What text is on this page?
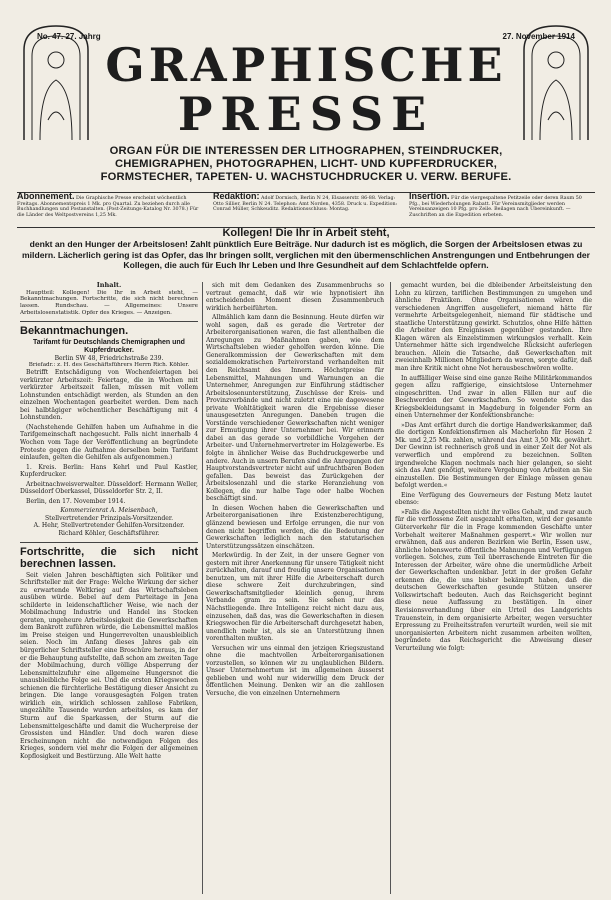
No. 47. 27. Jahrg	27. November 1914
GRAPHISCHE
PRESSE
ORGAN FÜR DIE INTERESSEN DER LITHOGRAPHEN, STEINDRUCKER,
CHEMIGRAPHEN, PHOTOGRAPHEN, LICHT- UND KUPFERDRUCKER,
FORMSTECHER, TAPETEN- U. WACHSTUCHDRUCKER U. VERW. BERUFE.
Abonnement. Die Graphische Presse erscheint wöchentlich Freitags. Abonnementspreis 1 Mk. pro Quartal. Zu beziehen durch alle Buchhandlungen und Postanstalten. (Post-Zeitungs-Katalog Nr. 3078.) Für die Länder des Weltpostvereins 1,25 Mk.
Redaktion: Adolf Dornisch, Berlin N 24, Elsasserstr. 86-88. Verlag: Otto Sillier, Berlin N 24. Telephon: Amt Norden, 4358. Druck u. Expedition: Conrad Müller, Schkeuditz. Redaktionsschluss: Montag.
Insertion. Für die viergespaltene Petitzeile oder deren Raum 50 Pfg., bei Wiederholungen Rabatt. Für Vereinsmitglieder werden Vereinsanzeigen 10 Pfg. pro Zeile. Beilagen nach Übereinkunft. — Zuschriften an die Expedition erbeten.
Kollegen! Die Ihr in Arbeit steht,
denkt an den Hunger der Arbeitslosen! Zahlt pünktlich Eure Beiträge. Nur dadurch ist es möglich, die Sorgen der Arbeitslosen etwas zu mildern. Lächerlich gering ist das Opfer, das Ihr bringen sollt, verglichen mit den übermenschlichen Anstrengungen und Entbehrungen der Kollegen, die auch für Euch Ihr Leben und Ihre Gesundheit auf dem Schlachtfelde opfern.
Inhalt.

Hauptteil: Kollegen! Die Ihr in Arbeit steht, — Bekanntmachungen. Fortschritte, die sich nicht berechnen lassen. Rundschau. — Allgemeines: Unsere Arbeitslosenstatistik. Opfer des Krieges. — Anzeigen.

Bekanntmachungen.
Tarifamt für Deutschlands Chemigraphen und Kupferdrucker.
Berlin SW 48, Friedrichstraße 239.
Briefadr.: z. H. des Geschäftsführers Herrn Rich. Köhler.

Betrifft Entschädigung von Wochenfeiertagen bei verkürzter Arbeitszeit: Feiertage, die in Wochen mit verkürzter Arbeitszeit fallen, müssen mit vollem Lohnstunden entschädigt werden, als Stunden an den einzelnen Wochentagen gearbeitet werden. Dem nach bei halbtägiger wöchentlicher Beschäftigung mit 4 Lohnstunden.

(Nachstehende Gehilfen haben um Aufnahme in die Tarifgemeinschaft nachgesucht. Falls nicht innerhalb 4 Wochen vom Tage der Veröffentlichung an begründete Proteste gegen die Aufnahme derselben beim Tarifamt einlaufen, gelten die Gehilfen als aufgenommen.)

1. Kreis. Berlin: Hans Kehrl und Paul Kastler, Kupferdrucker.

Arbeitnachweisverwalter. Düsseldorf: Hermann Weller, Düsseldorf Oberkassel, Düsseldorfer Str. 2, II.

Berlin, den 17. November 1914.

Kommerzienrat A. Meisenbach,
Stellvertretender Prinzipals-Vorsitzender.
A. Hehr, Stellvertretender Gehilfen-Vorsitzender.
Richard Köhler, Geschäftsführer.
Fortschritte, die sich nicht berechnen lassen.

Seit vielen Jahren beschäftigten sich Politiker und Schriftsteller mit der Frage: Welche Wirkung der sicher zu erwartende Weltkrieg auf das Wirtschaftsleben ausüben würde. Bebel auf dem Parteitage in Jena schilderte in leidenschaftlicher Weise, wie nach der Mobilmachung Industrie und Handel ins Stocken geraten, ungeheure Arbeitslosigkeit die Gewerkschaften dem Bankrott zuführen würde, die Lebensmittel maßlos im Preise steigen und Hungerrevolten unausbleiblich seien. Noch im Anfang dieses Jahres gab ein bürgerlicher Schriftsteller eine Broschüre heraus, in der er die Behauptung aufstellte, daß schon am zweiten Tage der Mobilmachung, durch völlige Absperrung der Lebensmittelzufuhr eine allgemeine Hungersnot die unausbleibliche Folge sei. Und die ersten Kriegswochen schienen die fürchterliche Bestätigung dieser Ansicht zu bringen. Die lange vorausgesagten Folgen traten wirklich ein, wirklich schlossen zahllose Fabriken, ungezählte Tausende wurden arbeitslos, es kam der Sturm auf die Sparkassen, der Sturm auf die Lebensmittelgeschäfte und damit die Wucherpreise der Grossisten und Händler. Und doch waren diese Erscheinungen nicht die notwendigen Folgen des Krieges, sondern viel mehr die Folgen der allgemeinen Kopflosigkeit und Bestürzung. Alle Welt hatte

sich mit dem Gedanken des Zusammenbruchs so vertraut gemacht, daß wir wie hypnotisiert ihn entscheidenden Moment diesen Zusammenbruch wirklich herbeiführten.

Allmählich kam dann die Besinnung. Heute dürfen wir wohl sagen, daß es gerade die Vertreter der Arbeiterorganisationen waren, die fast allenthalben die Anregungen zu Maßnahmen gaben, wie dem Wirtschaftsleben wieder geholfen werden könne. Die Generalkommission der Gewerkschaften mit dem sozialdemokratischen Parteivorstand verhandelten mit den Reichsamt des Innern. Höchstpreise für Lebensmittel, Mahnungen und Warnungen an die Unternehmer, Anregungen zur Einführung städtischer Arbeitslosenunterstützung, Zuschüsse der Kreis- und Provinzverbände und nicht zuletzt eine nie dagewesene private Wohltätigkeit waren die Ergebnisse dieser unausgesetzten Anregungen. Daneben trugen die Vorstände verschiedener Gewerkschaften nicht weniger zur Ermutigung ihrer Unternehmer bei. Wir erinnern dabei an das gerade so vorbildliche Vorgehen der Arbeiter- und Unternehmervertreter im Holzgewerbe. Es folgte in ähnlicher Weise das Buchdruckgewerbe und andere. Auch in unsern Berufen sind die Anregungen der Hauptvorstandsvertreter nicht auf unfruchtbaren Boden gefallen. Das beweist das Zurückgehen der Arbeitslosenzahl und die starke Heranziehung von Kollegen, die nur halbe Tage oder halbe Wochen beschäftigt sind.

In diesen Wochen haben die Gewerkschaften und Arbeiterorganisationen ihre Existenzberechtigung, glänzend bewiesen und Erfolge errungen, die nur von denen nicht begriffen werden, die die Bedeutung der Gewerkschaften lediglich nach den statutarischen Unterstützungssätzen einschätzen.

Merkwürdig. In der Zeit, in der unsere Gegner von gestern mit ihrer Anerkennung für unsere Tätigkeit nicht zurückhalten, darauf und freudig unsere Organisationen benutzen, um mit ihrer Hilfe die Arbeiterschaft durch diese schwere Zeit durchzubringen, sind Gewerkschaftsmitglieder kleinlich genug, ihrem Verbande gram zu sein. Sie sehen nur das Nächstliegende. Ihre Intelligenz reicht nicht dazu aus, einzusehen, daß das, was die Gewerkschaften in diesen Kriegswochen für die Arbeiterschaft durchgesetzt haben, unendlich mehr ist, als sie an Unterstützung ihnen vorenthalten mußten.

Versuchen wir uns einmal den jetzigen Kriegszustand ohne die machtvollen Arbeiterorganisationen vorzustellen, so können wir zu unglaublichen Bildern. Unser Unternehmertum ist im allgemeinen äusserst geblieben und wohl nur widerwillig dem Druck der öffentlichen Meinung. Denken wir an die zahllosen Versuche, die von einzelnen Unternehmern

gemacht wurden, bei die dbleibender Arbeitsleistung den Lohn zu kürzen, tariflichen Bestimmungen zu umgehen und ähnliche Praktiken. Ohne Organisationen wären die verschiedenen Angriffen ausgeliefert, niemand hätte für vermehrte Arbeitsgelegenheit, niemand für städtische und staatliche Unterstützung gewirkt. Schutzlos, ohne Hilfe hätten die Arbeiter den Ereignissen gegenüber gestanden. Ihre Klagen wären als Einzelstimmen wirkungslos verhallt. Kein Unternehmer hätte sich irgendwelche Rücksicht auferlegen brauchen. Allein die Tatsache, daß Gewerkschaften mit zweieinhalb Millionen Mitgliedern da waren, sorgte dafür, daß man ihre Kritik nicht ohne Not herausbeschwören wollte.

In auffälliger Weise sind eine ganze Reihe Militärkommandos gegen allzu raffgierige, einsichtslose Unternehmer eingeschritten. Und zwar in allen Fällen nur auf die Beschwerden der Gewerkschaften. So wendete sich das Kriegsbekleidungsamt in Magdeburg in folgender Form an einen Unternehmer der Konfektionsbranche:

»Das Amt erfährt durch die dortige Handwerkskammer, daß die dortigen Konfektionsfirmen als Macherlohn für Hosen 2 Mk. und 2,25 Mk. zahlen, während das Amt 3,50 Mk. gewährt. Der Gewinn ist rechnerisch groß und in einer Zeit der Not als verwerflich und empörend zu bezeichnen. Sollten irgendwelche Klagen nochmals nach hier gelangen, so sieht sich das Amt genötigt, weitere Vergebung von Arbeiten an Sie einzustellen. Die Bestimmungen der Einlage müssen genau befolgt werden.«

Eine Verfügung des Gouverneurs der Festung Metz lautet ebenso:

»Falls die Angestellten nicht ihr volles Gehalt, und zwar auch für die verflossene Zeit ausgezahlt erhalten, wird der gesamte Güterverkehr für die in Frage kommenden Geschäfte unter Vorbehalt weiterer Maßnahmen gesperrt.« Wir wollen nur erwähnen, daß aus anderen Bezirken wie Berlin, Essen usw., ähnliche lobenswerte öffentliche Mahnungen und Verfügungen vorliegen. Solches, zum Teil überraschende Eintreten für die Interessen der Arbeiter, wäre ohne die unermüdliche Arbeit der Gewerkschaften undenkbar. Jetzt in der großen Gefahr erkennen die, die uns bisher bekämpft haben, daß die deutschen Gewerkschaften gesunde Stützen unserer Volkswirtschaft bedeuten. Auch das Reichsgericht beginnt diese neue Auffassung zu bestätigen. In einer Revisionsverhandlung über ein Urteil des Landgerichts Trauenstein, in dem organisierte Arbeiter, wegen versuchter Erpressung zu Freiheitsstrafen verurteilt wurden, weil sie mit unorganisierten Arbeitern nicht zusammen arbeiten wollten, begründete das Reichsgericht die Abweisung dieser Verurteilung wie folgt:
